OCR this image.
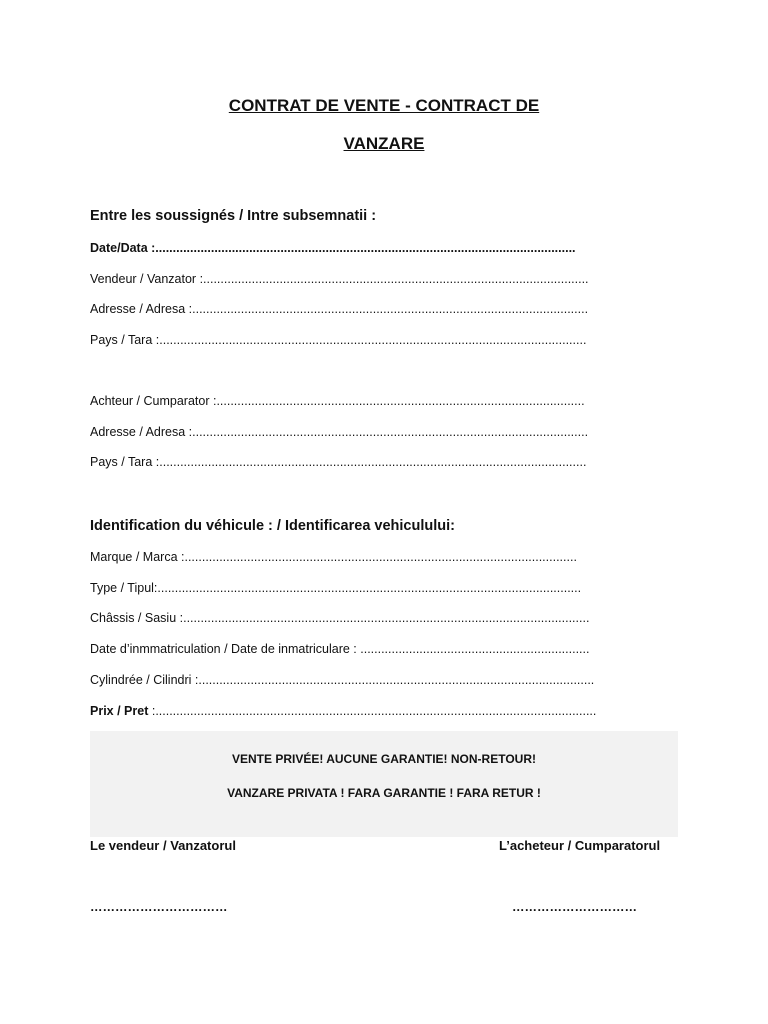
CONTRAT DE VENTE - CONTRACT DE
VANZARE
Entre les soussignés / Intre subsemnatii :
Date/Data :.........................................................................................................................
Vendeur / Vanzator :...............................................................................................................
Adresse / Adresa :..................................................................................................................
Pays / Tara :...........................................................................................................................
Achteur / Cumparator :..........................................................................................................
Adresse / Adresa :..................................................................................................................
Pays / Tara :...........................................................................................................................
Identification du véhicule : / Identificarea vehiculului:
Marque / Marca :.................................................................................................................
Type / Tipul:..........................................................................................................................
Châssis / Sasiu :.....................................................................................................................
Date d’inmmatriculation / Date de inmatriculare : ..................................................................
Cylindrée / Cilindri :..................................................................................................................
Prix / Pret :...............................................................................................................................
VENTE PRIVÉE! AUCUNE GARANTIE! NON-RETOUR!
VANZARE PRIVATA ! FARA GARANTIE ! FARA RETUR !
Le vendeur / Vanzatorul	L’acheteur / Cumparatorul
……………………………	…………………………
